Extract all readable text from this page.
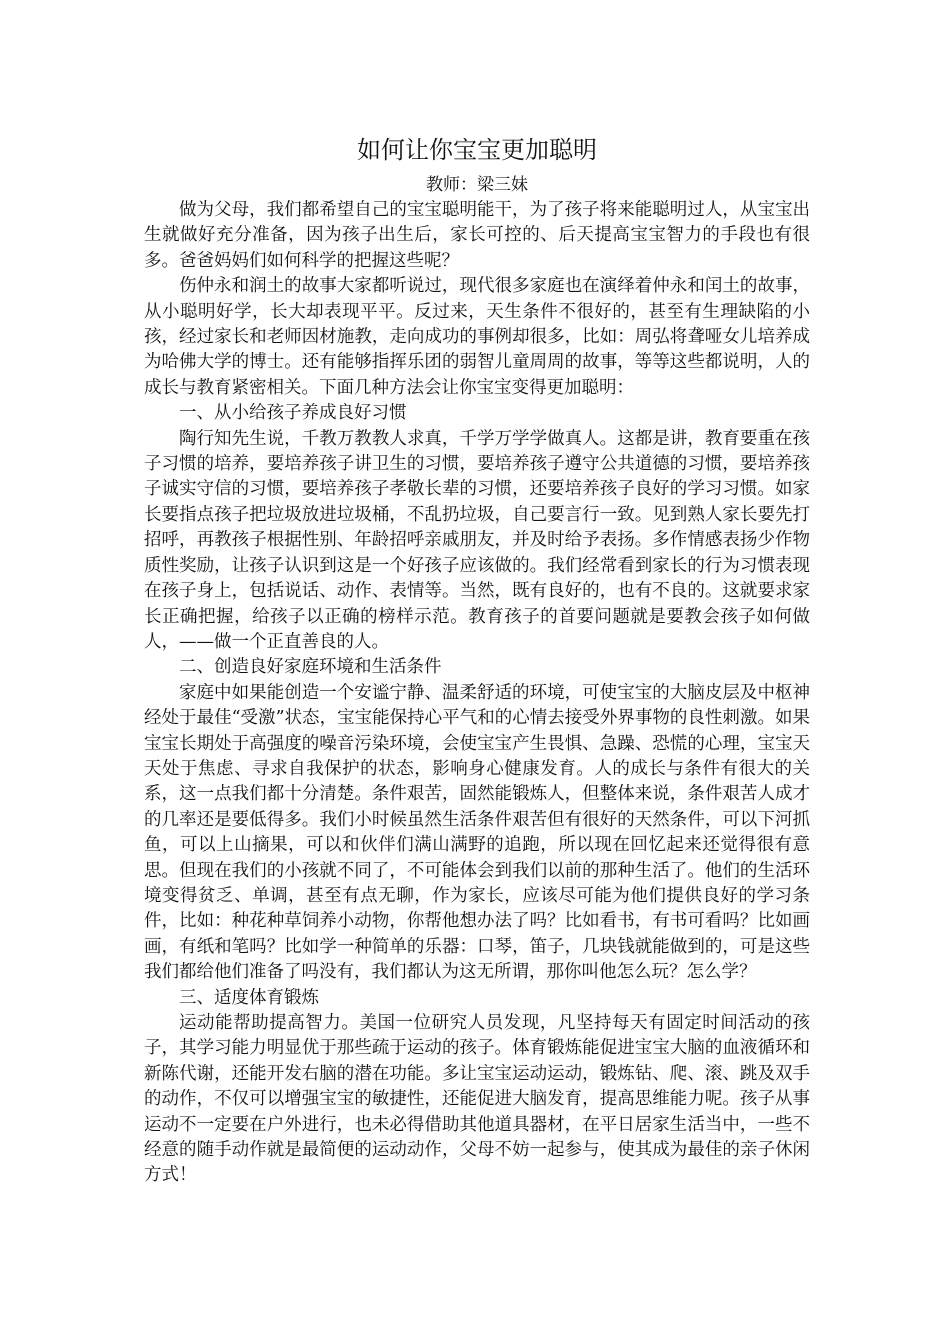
如何让你宝宝更加聪明
教师：梁三妹

做为父母，我们都希望自己的宝宝聪明能干，为了孩子将来能聪明过人，从宝宝出生就做好充分准备，因为孩子出生后，家长可控的、后天提高宝宝智力的手段也有很多。爸爸妈妈们如何科学的把握这些呢？

伤仲永和润土的故事大家都听说过，现代很多家庭也在演绎着仲永和闰土的故事，从小聪明好学，长大却表现平平。反过来，天生条件不很好的，甚至有生理缺陷的小孩，经过家长和老师因材施教，走向成功的事例却很多，比如：周弘将聋哑女儿培养成为哈佛大学的博士。还有能够指挥乐团的弱智儿童周周的故事，等等这些都说明，人的成长与教育紧密相关。下面几种方法会让你宝宝变得更加聪明：

一、从小给孩子养成良好习惯

陶行知先生说，千教万教教人求真，千学万学学做真人。这都是讲，教育要重在孩子习惯的培养，要培养孩子讲卫生的习惯，要培养孩子遵守公共道德的习惯，要培养孩子诚实守信的习惯，要培养孩子孝敬长辈的习惯，还要培养孩子良好的学习习惯。如家长要指点孩子把垃圾放进垃圾桶，不乱扔垃圾，自己要言行一致。见到熟人家长要先打招呼，再教孩子根据性别、年龄招呼亲戚朋友，并及时给予表扬。多作情感表扬少作物质性奖励，让孩子认识到这是一个好孩子应该做的。我们经常看到家长的行为习惯表现在孩子身上，包括说话、动作、表情等。当然，既有良好的，也有不良的。这就要求家长正确把握，给孩子以正确的榜样示范。教育孩子的首要问题就是要教会孩子如何做人，——做一个正直善良的人。

二、创造良好家庭环境和生活条件

家庭中如果能创造一个安谧宁静、温柔舒适的环境，可使宝宝的大脑皮层及中枢神经处于最佳“受激”状态，宝宝能保持心平气和的心情去接受外界事物的良性刺激。如果宝宝长期处于高强度的噪音污染环境，会使宝宝产生畏惧、急躁、恐慌的心理，宝宝天天处于焦虑、寻求自我保护的状态，影响身心健康发育。人的成长与条件有很大的关系，这一点我们都十分清楚。条件艰苦，固然能锻炼人，但整体来说，条件艰苦人成才的几率还是要低得多。我们小时候虽然生活条件艰苦但有很好的天然条件，可以下河抓鱼，可以上山摘果，可以和伙伴们满山满野的追跑，所以现在回忆起来还觉得很有意思。但现在我们的小孩就不同了，不可能体会到我们以前的那种生活了。他们的生活环境变得贫乏、单调，甚至有点无聊，作为家长，应该尽可能为他们提供良好的学习条件，比如：种花种草饲养小动物，你帮他想办法了吗？比如看书，有书可看吗？比如画画，有纸和笔吗？比如学一种简单的乐器：口琴，笛子，几块钱就能做到的，可是这些我们都给他们准备了吗没有，我们都认为这无所谓，那你叫他怎么玩？怎么学？

三、适度体育锻炼

运动能帮助提高智力。美国一位研究人员发现，凡坚持每天有固定时间活动的孩子，其学习能力明显优于那些疏于运动的孩子。体育锻炼能促进宝宝大脑的血液循环和新陈代谢，还能开发右脑的潜在功能。多让宝宝运动运动，锻炼钻、爬、滚、跳及双手的动作，不仅可以增强宝宝的敏捷性，还能促进大脑发育，提高思维能力呢。孩子从事运动不一定要在户外进行，也未必得借助其他道具器材，在平日居家生活当中，一些不经意的随手动作就是最简便的运动动作，父母不妨一起参与，使其成为最佳的亲子休闲方式！
